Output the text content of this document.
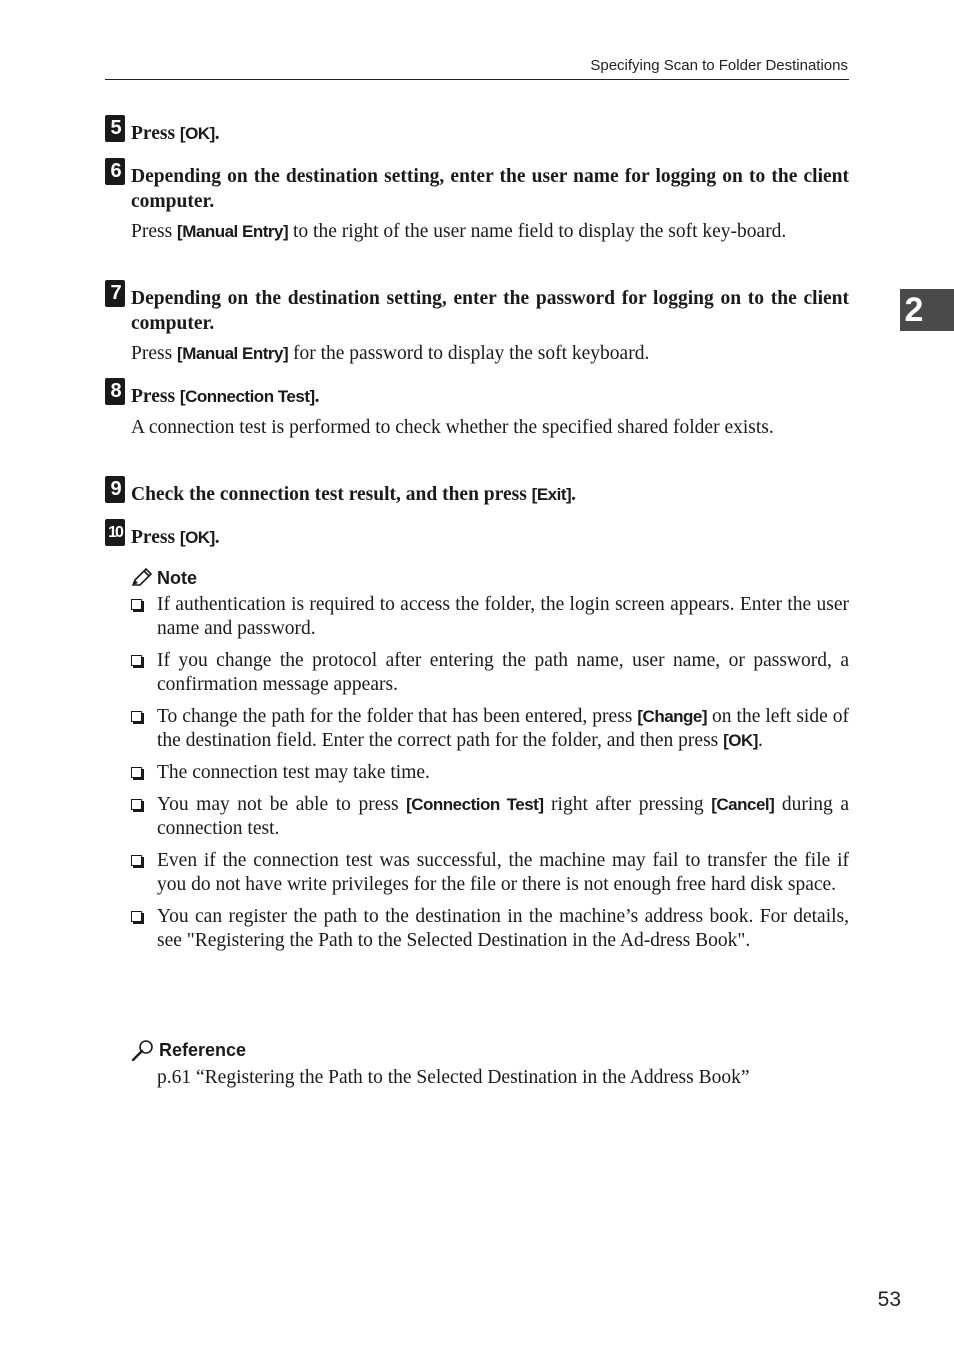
Specifying Scan to Folder Destinations
2
5 Press [OK].
6 Depending on the destination setting, enter the user name for logging on to the client computer.
Press [Manual Entry] to the right of the user name field to display the soft key-board.
7 Depending on the destination setting, enter the password for logging on to the client computer.
Press [Manual Entry] for the password to display the soft keyboard.
8 Press [Connection Test].
A connection test is performed to check whether the specified shared folder exists.
9 Check the connection test result, and then press [Exit].
10 Press [OK].
Note
If authentication is required to access the folder, the login screen appears. Enter the user name and password.
If you change the protocol after entering the path name, user name, or password, a confirmation message appears.
To change the path for the folder that has been entered, press [Change] on the left side of the destination field. Enter the correct path for the folder, and then press [OK].
The connection test may take time.
You may not be able to press [Connection Test] right after pressing [Cancel] during a connection test.
Even if the connection test was successful, the machine may fail to transfer the file if you do not have write privileges for the file or there is not enough free hard disk space.
You can register the path to the destination in the machine’s address book. For details, see "Registering the Path to the Selected Destination in the Ad-dress Book".
Reference
p.61 “Registering the Path to the Selected Destination in the Address Book”
53
